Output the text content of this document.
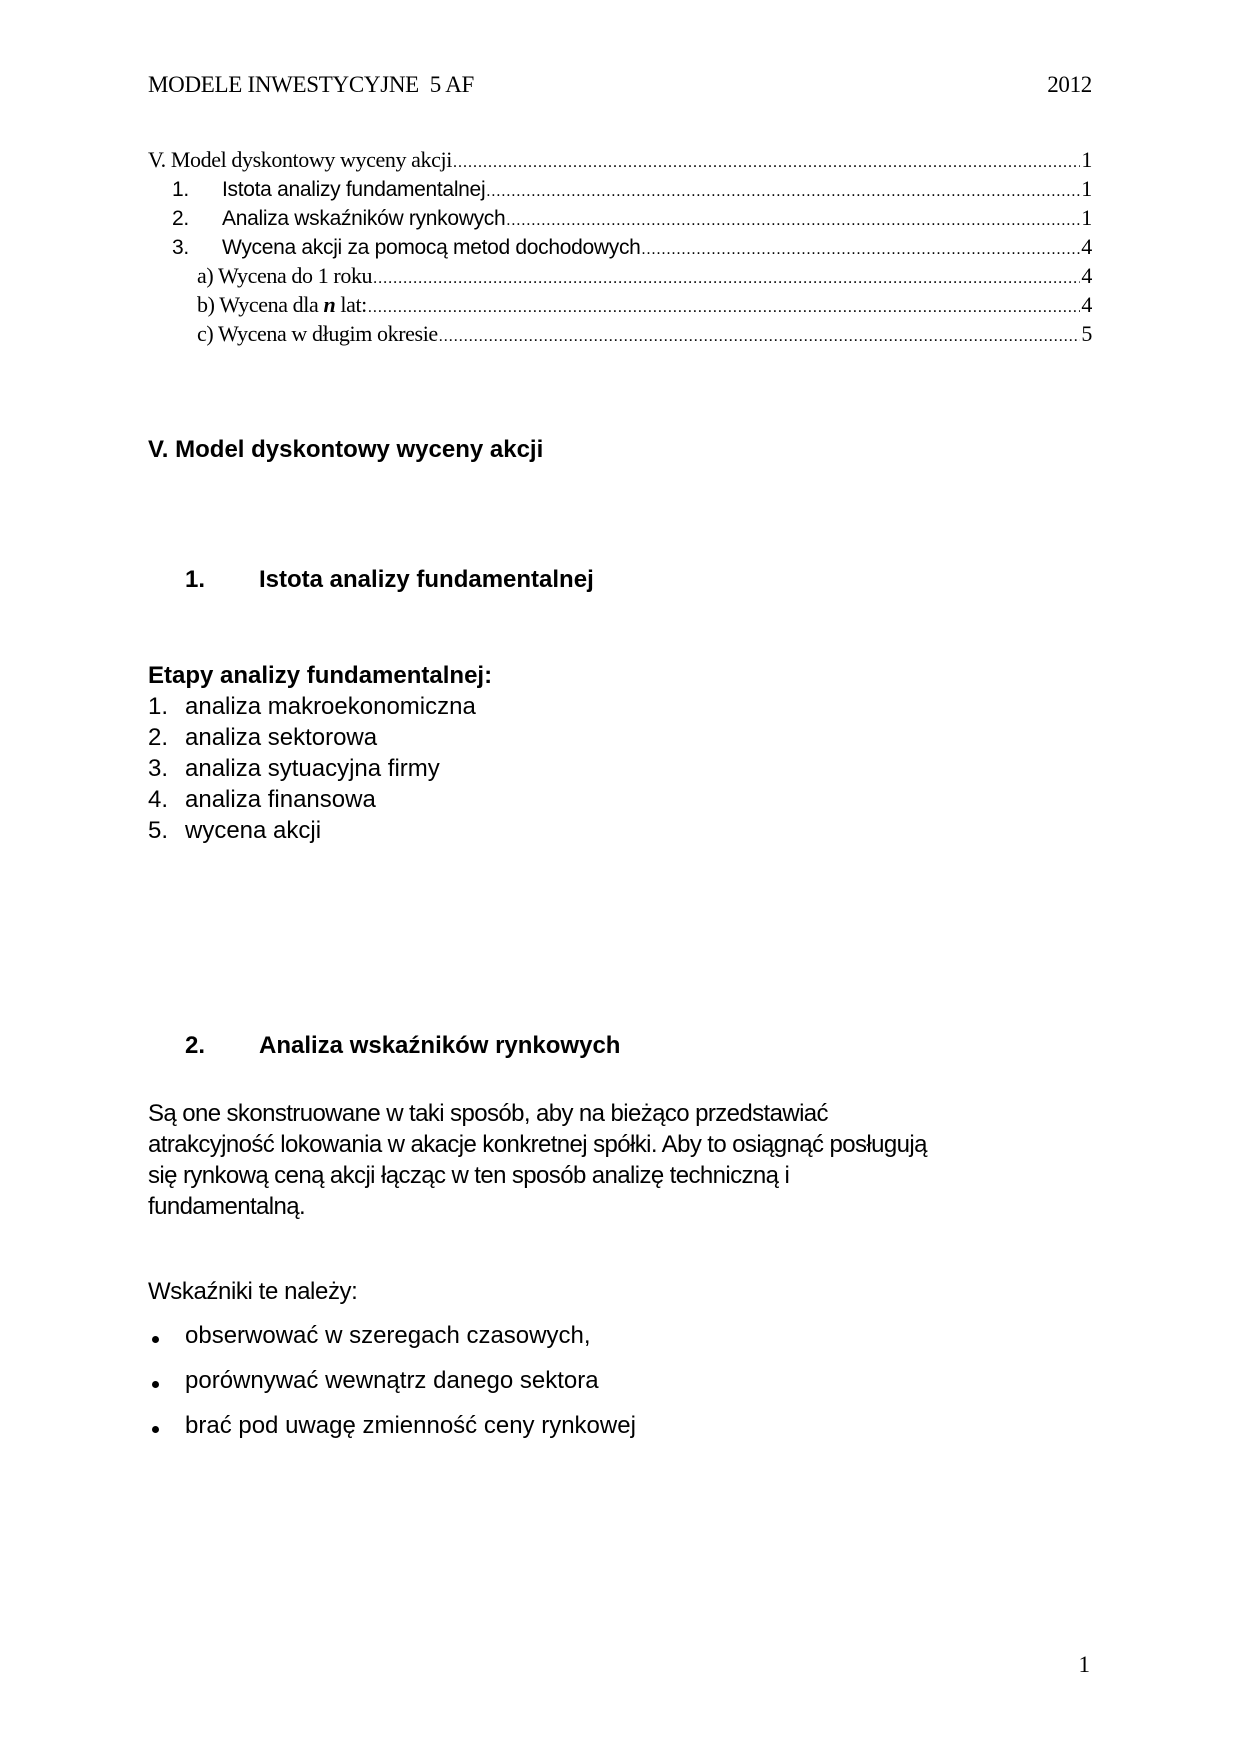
MODELE INWESTYCYJNE  5 AF	2012
V. Model dyskontowy wyceny akcji .....	1
1.	Istota analizy fundamentalnej .....	1
2.	Analiza wskaźników rynkowych .....	1
3.	Wycena akcji za pomocą metod dochodowych .....	4
a) Wycena do 1 roku .....	4
b) Wycena dla n lat: .....	4
c) Wycena w długim okresie .....	5
V. Model dyskontowy wyceny akcji
1. Istota analizy fundamentalnej
Etapy analizy fundamentalnej:
1. analiza makroekonomiczna
2. analiza sektorowa
3. analiza sytuacyjna firmy
4. analiza finansowa
5. wycena akcji
2. Analiza wskaźników rynkowych

Są one skonstruowane w taki sposób, aby na bieżąco przedstawiać

atrakcyjność lokowania w akacje konkretnej spółki. Aby to osiągnąć posługują

się rynkową ceną akcji łącząc w ten sposób analizę techniczną i

fundamentalną.

Wskaźniki te należy:
obserwować w szeregach czasowych,
porównywać wewnątrz danego sektora
brać pod uwagę zmienność ceny rynkowej
1
